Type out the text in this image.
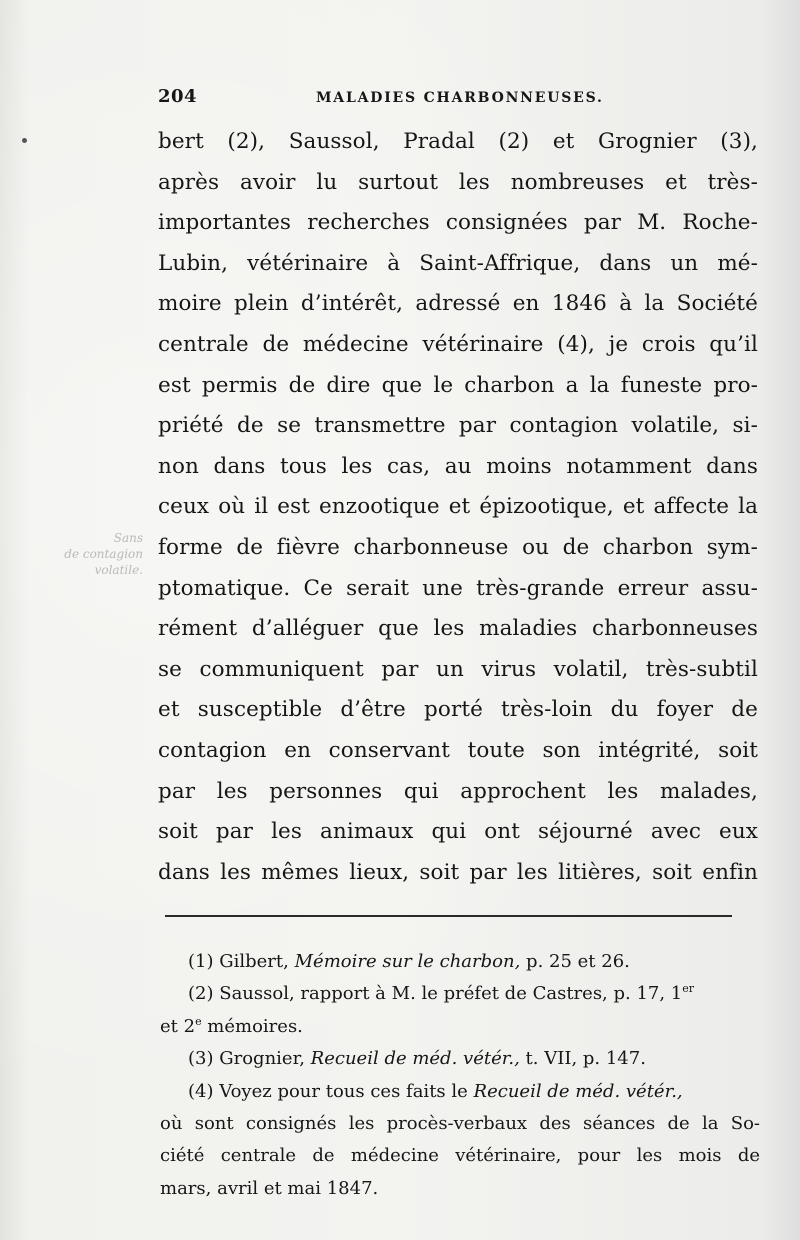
Sans
de contagion
volatile.
204	MALADIES CHARBONNEUSES.
bert (2), Saussol, Pradal (2) et Grognier (3),
après avoir lu surtout les nombreuses et très-
importantes recherches consignées par M. Roche-
Lubin, vétérinaire à Saint-Affrique, dans un mé-
moire plein d’intérêt, adressé en 1846 à la Société
centrale de médecine vétérinaire (4), je crois qu’il
est permis de dire que le charbon a la funeste pro-
priété de se transmettre par contagion volatile, si-
non dans tous les cas, au moins notamment dans
ceux où il est enzootique et épizootique, et affecte la
forme de fièvre charbonneuse ou de charbon sym-
ptomatique. Ce serait une très-grande erreur assu-
rément d’alléguer que les maladies charbonneuses
se communiquent par un virus volatil, très-subtil
et susceptible d’être porté très-loin du foyer de
contagion en conservant toute son intégrité, soit
par les personnes qui approchent les malades,
soit par les animaux qui ont séjourné avec eux
dans les mêmes lieux, soit par les litières, soit enfin
(1) Gilbert, Mémoire sur le charbon, p. 25 et 26.
(2) Saussol, rapport à M. le préfet de Castres, p. 17, 1er
et 2e mémoires.
(3) Grognier, Recueil de méd. vétér., t. VII, p. 147.
(4) Voyez pour tous ces faits le Recueil de méd. vétér.,
où sont consignés les procès-verbaux des séances de la So-
ciété centrale de médecine vétérinaire, pour les mois de
mars, avril et mai 1847.
